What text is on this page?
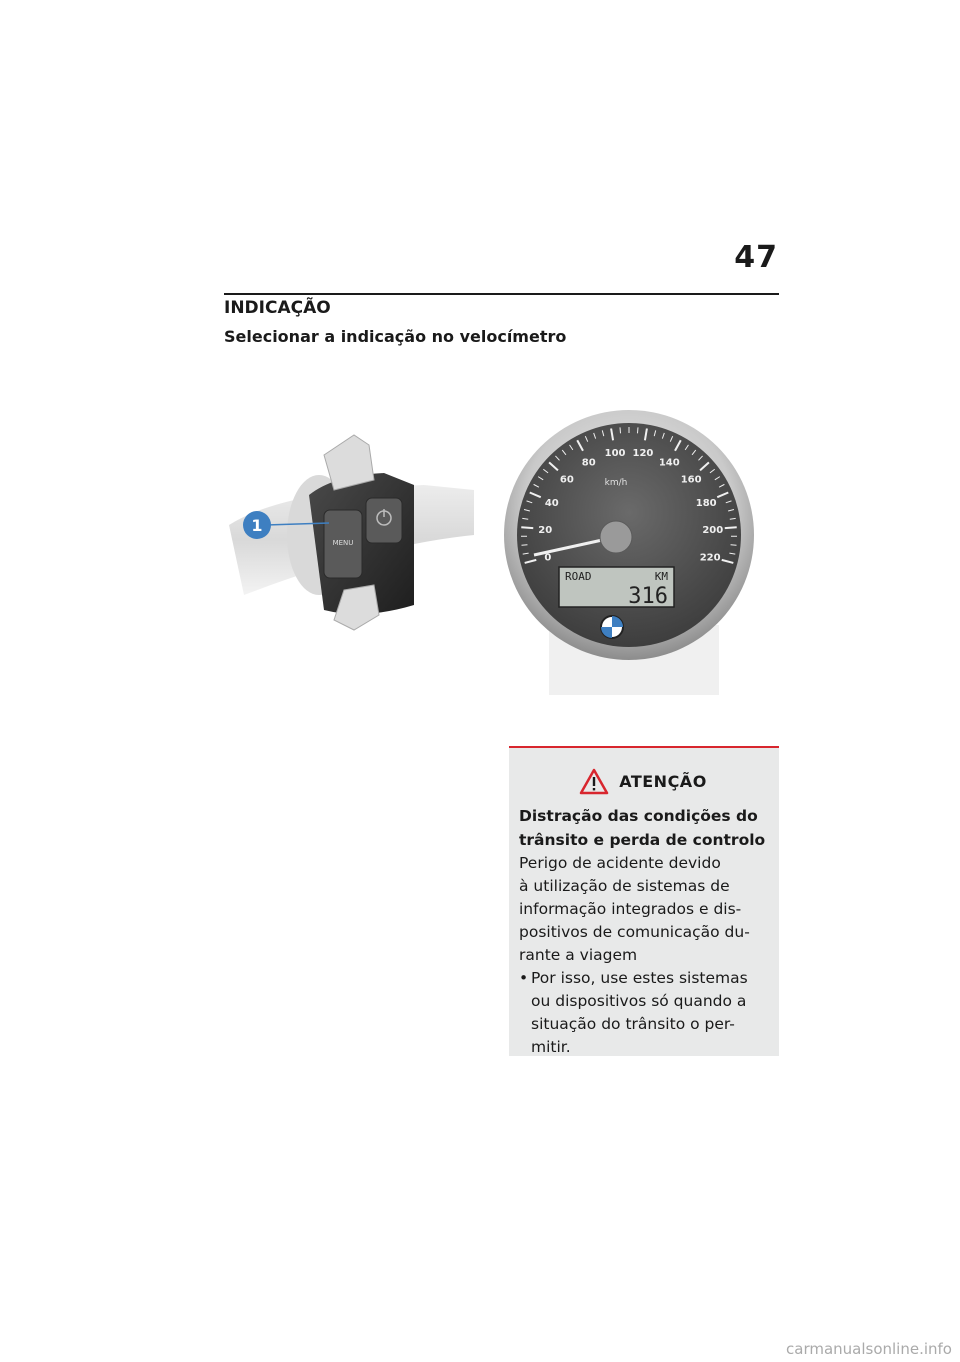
47
INDICAÇÃO
Selecionar a indicação no velocímetro
MENU
1
0
20
40
60
80
100 120
140
160
180
200
220
km/h
ROAD	KM
316
ATENÇÃO
Distração das condições do trânsito e perda de controlo
Perigo de acidente devido
à utilização de sistemas de
informação integrados e dis-
positivos de comunicação du-
rante a viagem
• Por isso, use estes sistemas
ou dispositivos só quando a
situação do trânsito o per-
mitir.
carmanualsonline.info
